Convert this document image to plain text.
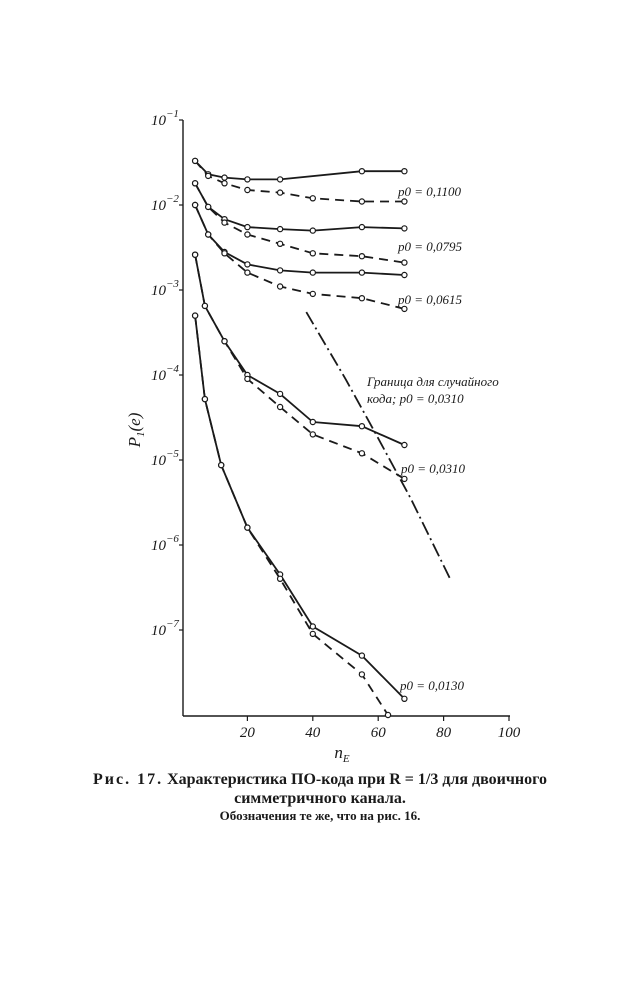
20	40	60	80	100
$10^{-1}$
$10^{-2}$
$10^{-3}$
$10^{-4}$
$10^{-5}$
$10^{-6}$
$10^{-7}$
$n_E$
$P_1(e)$
p0 = 0,1100
p0 = 0,0795
p0 = 0,0615
p0 = 0,0310
p0 = 0,0130
Граница для случайного
кода; p0 = 0,0310
Рис. 17. Характеристика ПО-кода при R = 1/3 для двоичного
симметричного канала.
Обозначения те же, что на рис. 16.
